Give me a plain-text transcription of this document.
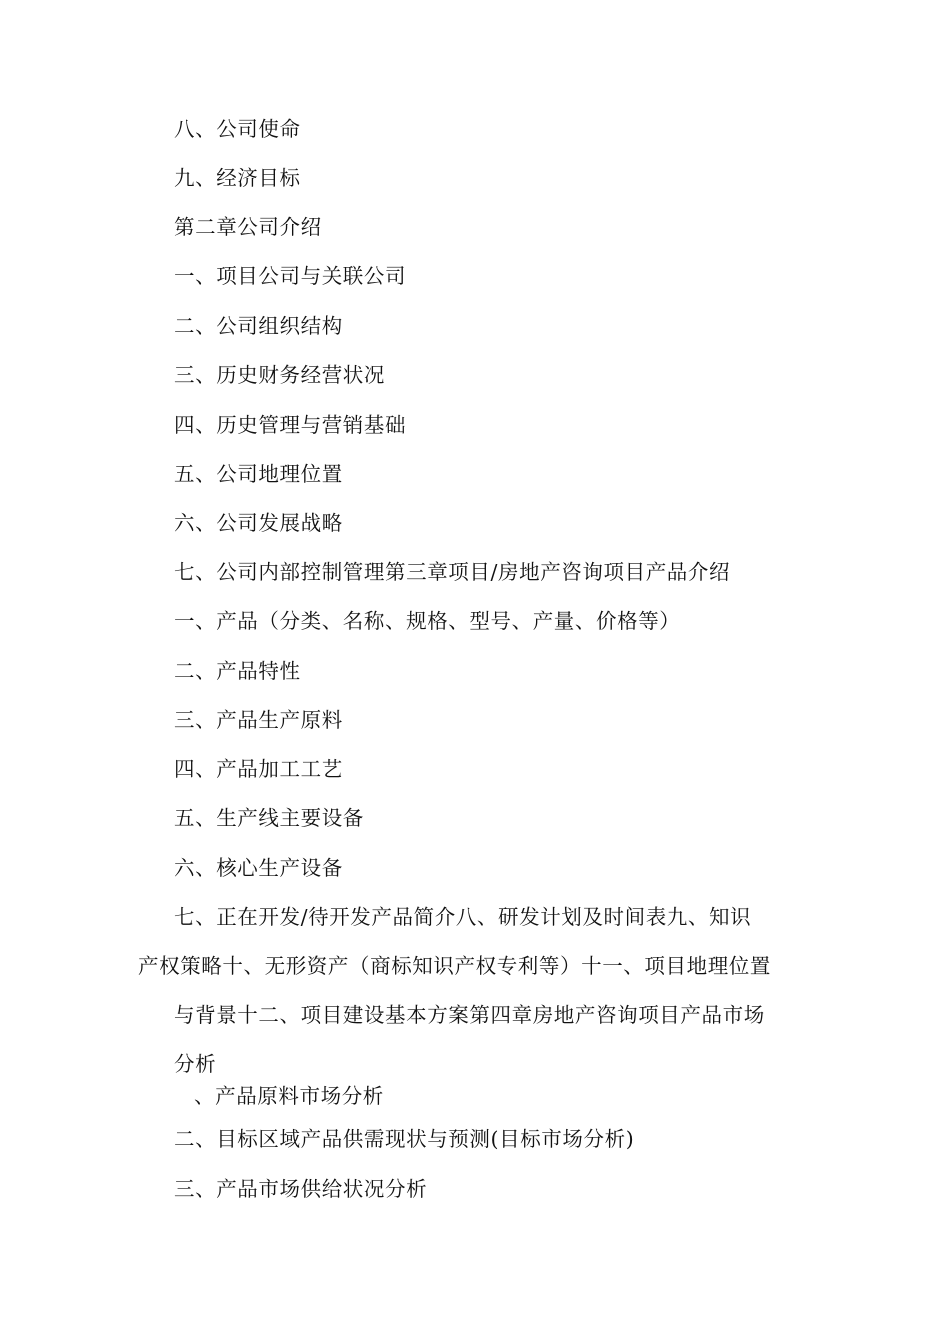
八、公司使命
九、经济目标
第二章公司介绍
一、项目公司与关联公司
二、公司组织结构
三、历史财务经营状况
四、历史管理与营销基础
五、公司地理位置
六、公司发展战略
七、公司内部控制管理第三章项目/房地产咨询项目产品介绍
一、产品（分类、名称、规格、型号、产量、价格等）
二、产品特性
三、产品生产原料
四、产品加工工艺
五、生产线主要设备
六、核心生产设备
七、正在开发/待开发产品简介八、研发计划及时间表九、知识
产权策略十、无形资产（商标知识产权专利等）十一、项目地理位置
与背景十二、项目建设基本方案第四章房地产咨询项目产品市场
分析
、产品原料市场分析
二、目标区域产品供需现状与预测(目标市场分析)
三、产品市场供给状况分析
